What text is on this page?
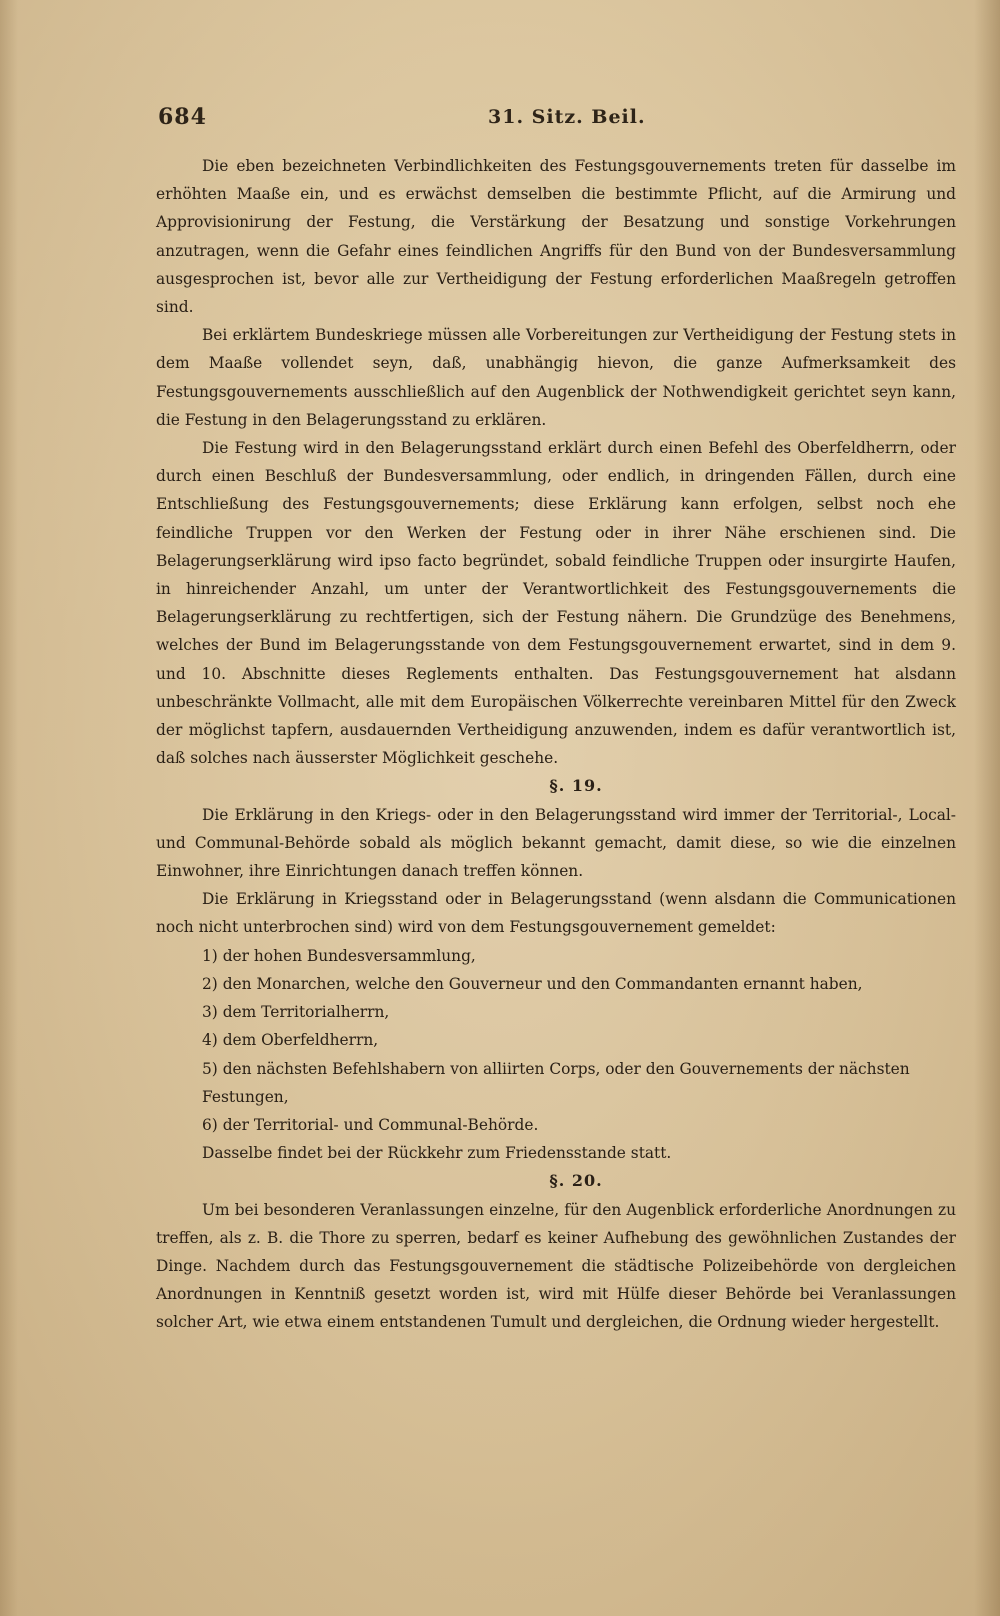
684	31. Sitz. Beil.

Die eben bezeichneten Verbindlichkeiten des Festungsgouvernements treten für dasselbe im erhöhten Maaße ein, und es erwächst demselben die bestimmte Pflicht, auf die Armirung und Approvisionirung der Festung, die Verstärkung der Besatzung und sonstige Vorkehrungen anzutragen, wenn die Gefahr eines feindlichen Angriffs für den Bund von der Bundesversammlung ausgesprochen ist, bevor alle zur Vertheidigung der Festung erforderlichen Maaßregeln getroffen sind.

Bei erklärtem Bundeskriege müssen alle Vorbereitungen zur Vertheidigung der Festung stets in dem Maaße vollendet seyn, daß, unabhängig hievon, die ganze Aufmerksamkeit des Festungsgouvernements ausschließlich auf den Augenblick der Nothwendigkeit gerichtet seyn kann, die Festung in den Belagerungsstand zu erklären.

Die Festung wird in den Belagerungsstand erklärt durch einen Befehl des Oberfeldherrn, oder durch einen Beschluß der Bundesversammlung, oder endlich, in dringenden Fällen, durch eine Entschließung des Festungsgouvernements; diese Erklärung kann erfolgen, selbst noch ehe feindliche Truppen vor den Werken der Festung oder in ihrer Nähe erschienen sind. Die Belagerungserklärung wird ipso facto begründet, sobald feindliche Truppen oder insurgirte Haufen, in hinreichender Anzahl, um unter der Verantwortlichkeit des Festungsgouvernements die Belagerungserklärung zu rechtfertigen, sich der Festung nähern. Die Grundzüge des Benehmens, welches der Bund im Belagerungsstande von dem Festungsgouvernement erwartet, sind in dem 9. und 10. Abschnitte dieses Reglements enthalten. Das Festungsgouvernement hat alsdann unbeschränkte Vollmacht, alle mit dem Europäischen Völkerrechte vereinbaren Mittel für den Zweck der möglichst tapfern, ausdauernden Vertheidigung anzuwenden, indem es dafür verantwortlich ist, daß solches nach äusserster Möglichkeit geschehe.

§. 19.

Die Erklärung in den Kriegs- oder in den Belagerungsstand wird immer der Territorial-, Local- und Communal-Behörde sobald als möglich bekannt gemacht, damit diese, so wie die einzelnen Einwohner, ihre Einrichtungen danach treffen können.

Die Erklärung in Kriegsstand oder in Belagerungsstand (wenn alsdann die Communicationen noch nicht unterbrochen sind) wird von dem Festungsgouvernement gemeldet:

1) der hohen Bundesversammlung,

2) den Monarchen, welche den Gouverneur und den Commandanten ernannt haben,

3) dem Territorialherrn,

4) dem Oberfeldherrn,

5) den nächsten Befehlshabern von alliirten Corps, oder den Gouvernements der nächsten Festungen,

6) der Territorial- und Communal-Behörde.

Dasselbe findet bei der Rückkehr zum Friedensstande statt.

§. 20.

Um bei besonderen Veranlassungen einzelne, für den Augenblick erforderliche Anordnungen zu treffen, als z. B. die Thore zu sperren, bedarf es keiner Aufhebung des gewöhnlichen Zustandes der Dinge. Nachdem durch das Festungsgouvernement die städtische Polizeibehörde von dergleichen Anordnungen in Kenntniß gesetzt worden ist, wird mit Hülfe dieser Behörde bei Veranlassungen solcher Art, wie etwa einem entstandenen Tumult und dergleichen, die Ordnung wieder hergestellt.
